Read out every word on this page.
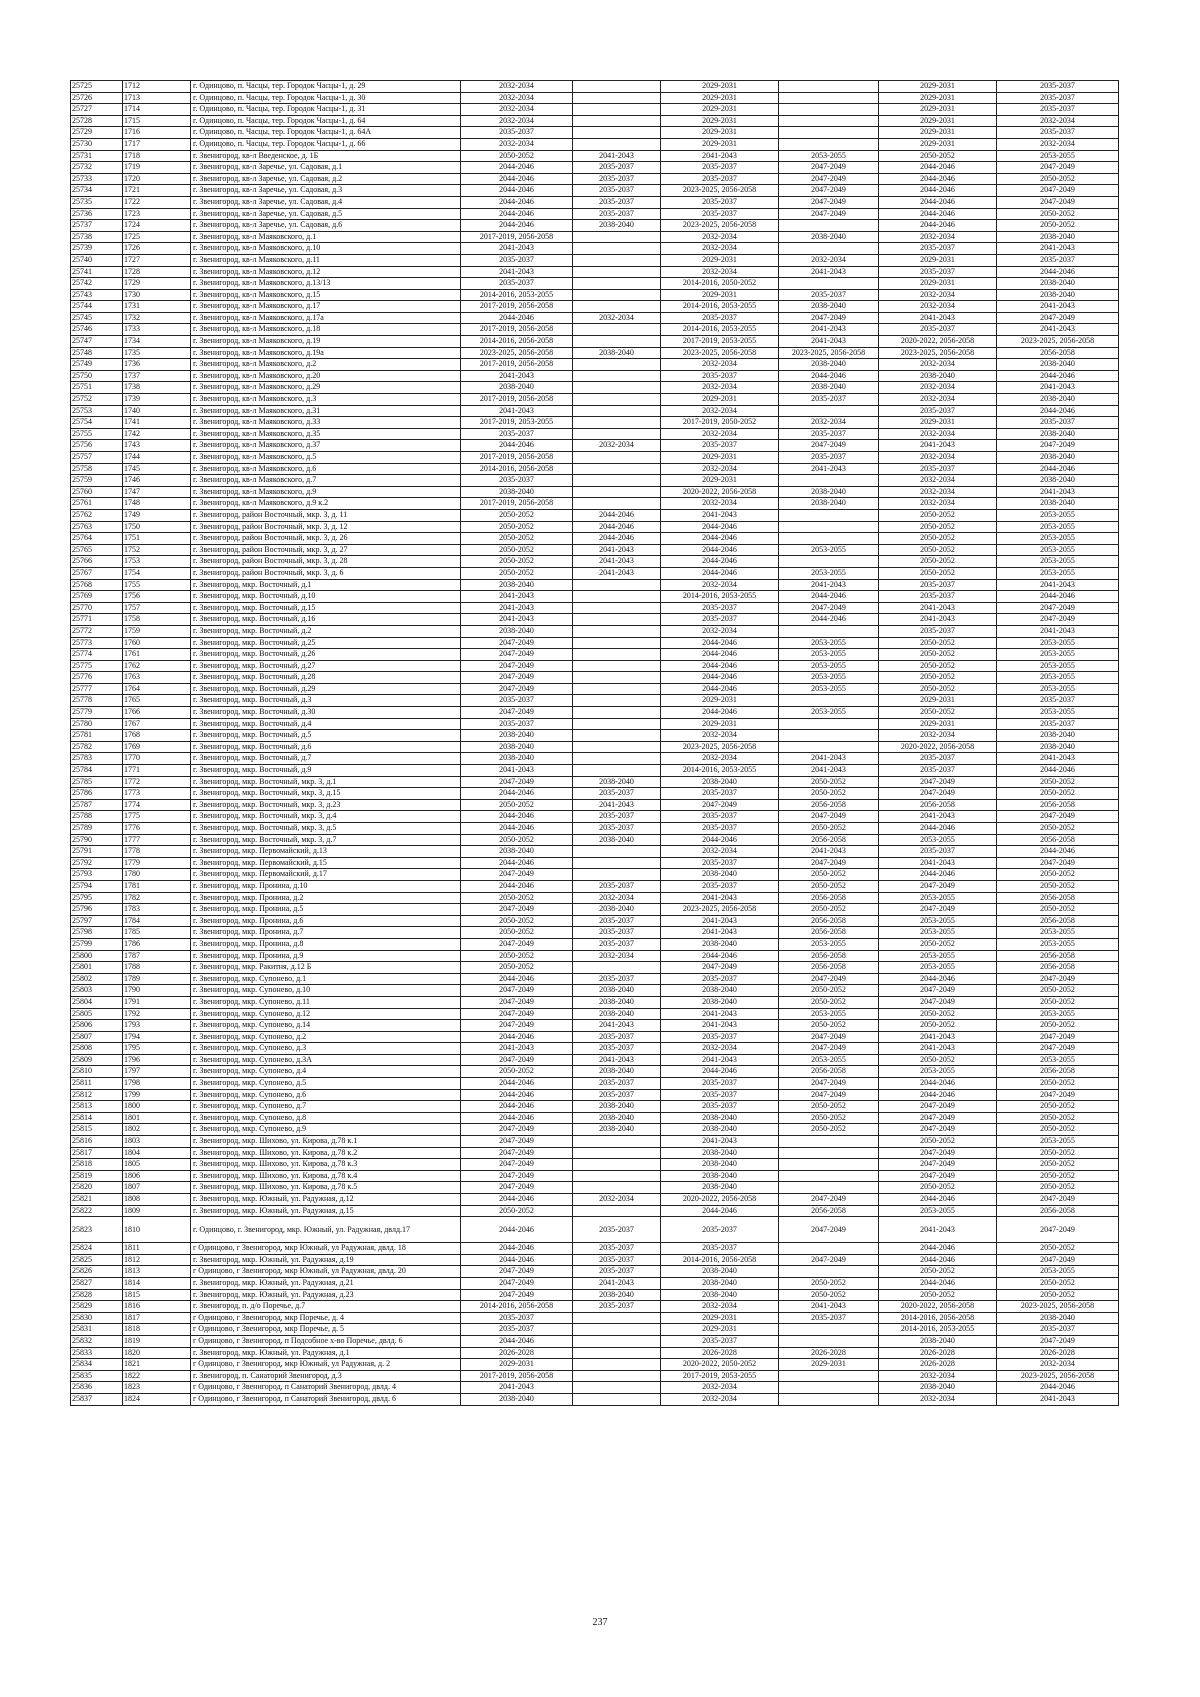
25725	1712	г. Одинцово, п. Часцы, тер. Городок Часцы-1, д. 29	2032-2034		2029-2031		2029-2031	2035-2037
25726	1713	г. Одинцово, п. Часцы, тер. Городок Часцы-1, д. 30	2032-2034		2029-2031		2029-2031	2035-2037
25727	1714	г. Одинцово, п. Часцы, тер. Городок Часцы-1, д. 31	2032-2034		2029-2031		2029-2031	2035-2037
25728	1715	г. Одинцово, п. Часцы, тер. Городок Часцы-1, д. 64	2032-2034		2029-2031		2029-2031	2032-2034
25729	1716	г. Одинцово, п. Часцы, тер. Городок Часцы-1, д. 64А	2035-2037		2029-2031		2029-2031	2035-2037
25730	1717	г. Одинцово, п. Часцы, тер. Городок Часцы-1, д. 66	2032-2034		2029-2031		2029-2031	2032-2034
25731	1718	г. Звенигород, кв-л Введенское, д. 1Б	2050-2052	2041-2043	2041-2043	2053-2055	2050-2052	2053-2055
25732	1719	г. Звенигород, кв-л Заречье, ул. Садовая, д.1	2044-2046	2035-2037	2035-2037	2047-2049	2044-2046	2047-2049
25733	1720	г. Звенигород, кв-л Заречье, ул. Садовая, д.2	2044-2046	2035-2037	2035-2037	2047-2049	2044-2046	2050-2052
25734	1721	г. Звенигород, кв-л Заречье, ул. Садовая, д.3	2044-2046	2035-2037	2023-2025, 2056-2058	2047-2049	2044-2046	2047-2049
25735	1722	г. Звенигород, кв-л Заречье, ул. Садовая, д.4	2044-2046	2035-2037	2035-2037	2047-2049	2044-2046	2047-2049
25736	1723	г. Звенигород, кв-л Заречье, ул. Садовая, д.5	2044-2046	2035-2037	2035-2037	2047-2049	2044-2046	2050-2052
25737	1724	г. Звенигород, кв-л Заречье, ул. Садовая, д.6	2044-2046	2038-2040	2023-2025, 2056-2058		2044-2046	2050-2052
25738	1725	г. Звенигород, кв-л Маяковского, д.1	2017-2019, 2056-2058		2032-2034	2038-2040	2032-2034	2038-2040
25739	1726	г. Звенигород, кв-л Маяковского, д.10	2041-2043		2032-2034		2035-2037	2041-2043
25740	1727	г. Звенигород, кв-л Маяковского, д.11	2035-2037		2029-2031	2032-2034	2029-2031	2035-2037
25741	1728	г. Звенигород, кв-л Маяковского, д.12	2041-2043		2032-2034	2041-2043	2035-2037	2044-2046
25742	1729	г. Звенигород, кв-л Маяковского, д.13/13	2035-2037		2014-2016, 2050-2052		2029-2031	2038-2040
25743	1730	г. Звенигород, кв-л Маяковского, д.15	2014-2016, 2053-2055		2029-2031	2035-2037	2032-2034	2038-2040
25744	1731	г. Звенигород, кв-л Маяковского, д.17	2017-2019, 2056-2058		2014-2016, 2053-2055	2038-2040	2032-2034	2041-2043
25745	1732	г. Звенигород, кв-л Маяковского, д.17а	2044-2046	2032-2034	2035-2037	2047-2049	2041-2043	2047-2049
25746	1733	г. Звенигород, кв-л Маяковского, д.18	2017-2019, 2056-2058		2014-2016, 2053-2055	2041-2043	2035-2037	2041-2043
25747	1734	г. Звенигород, кв-л Маяковского, д.19	2014-2016, 2056-2058		2017-2019, 2053-2055	2041-2043	2020-2022, 2056-2058	2023-2025, 2056-2058
25748	1735	г. Звенигород, кв-л Маяковского, д.19а	2023-2025, 2056-2058	2038-2040	2023-2025, 2056-2058	2023-2025, 2056-2058	2023-2025, 2056-2058	2056-2058
25749	1736	г. Звенигород, кв-л Маяковского, д.2	2017-2019, 2056-2058		2032-2034	2038-2040	2032-2034	2038-2040
25750	1737	г. Звенигород, кв-л Маяковского, д.20	2041-2043		2035-2037	2044-2046	2038-2040	2044-2046
25751	1738	г. Звенигород, кв-л Маяковского, д.29	2038-2040		2032-2034	2038-2040	2032-2034	2041-2043
25752	1739	г. Звенигород, кв-л Маяковского, д.3	2017-2019, 2056-2058		2029-2031	2035-2037	2032-2034	2038-2040
25753	1740	г. Звенигород, кв-л Маяковского, д.31	2041-2043		2032-2034		2035-2037	2044-2046
25754	1741	г. Звенигород, кв-л Маяковского, д.33	2017-2019, 2053-2055		2017-2019, 2050-2052	2032-2034	2029-2031	2035-2037
25755	1742	г. Звенигород, кв-л Маяковского, д.35	2035-2037		2032-2034	2035-2037	2032-2034	2038-2040
25756	1743	г. Звенигород, кв-л Маяковского, д.37	2044-2046	2032-2034	2035-2037	2047-2049	2041-2043	2047-2049
25757	1744	г. Звенигород, кв-л Маяковского, д.5	2017-2019, 2056-2058		2029-2031	2035-2037	2032-2034	2038-2040
25758	1745	г. Звенигород, кв-л Маяковского, д.6	2014-2016, 2056-2058		2032-2034	2041-2043	2035-2037	2044-2046
25759	1746	г. Звенигород, кв-л Маяковского, д.7	2035-2037		2029-2031		2032-2034	2038-2040
25760	1747	г. Звенигород, кв-л Маяковского, д.9	2038-2040		2020-2022, 2056-2058	2038-2040	2032-2034	2041-2043
25761	1748	г. Звенигород, кв-л Маяковского, д.9 к.2	2017-2019, 2056-2058		2032-2034	2038-2040	2032-2034	2038-2040
25762	1749	г. Звенигород, район Восточный, мкр. 3, д. 11	2050-2052	2044-2046	2041-2043		2050-2052	2053-2055
25763	1750	г. Звенигород, район Восточный, мкр. 3, д. 12	2050-2052	2044-2046	2044-2046		2050-2052	2053-2055
25764	1751	г. Звенигород, район Восточный, мкр. 3, д. 26	2050-2052	2044-2046	2044-2046		2050-2052	2053-2055
25765	1752	г. Звенигород, район Восточный, мкр. 3, д. 27	2050-2052	2041-2043	2044-2046	2053-2055	2050-2052	2053-2055
25766	1753	г. Звенигород, район Восточный, мкр. 3, д. 28	2050-2052	2041-2043	2044-2046		2050-2052	2053-2055
25767	1754	г. Звенигород, район Восточный, мкр. 3, д. 6	2050-2052	2041-2043	2044-2046	2053-2055	2050-2052	2053-2055
25768	1755	г. Звенигород, мкр. Восточный, д.1	2038-2040		2032-2034	2041-2043	2035-2037	2041-2043
25769	1756	г. Звенигород, мкр. Восточный, д.10	2041-2043		2014-2016, 2053-2055	2044-2046	2035-2037	2044-2046
25770	1757	г. Звенигород, мкр. Восточный, д.15	2041-2043		2035-2037	2047-2049	2041-2043	2047-2049
25771	1758	г. Звенигород, мкр. Восточный, д.16	2041-2043		2035-2037	2044-2046	2041-2043	2047-2049
25772	1759	г. Звенигород, мкр. Восточный, д.2	2038-2040		2032-2034		2035-2037	2041-2043
25773	1760	г. Звенигород, мкр. Восточный, д.25	2047-2049		2044-2046	2053-2055	2050-2052	2053-2055
25774	1761	г. Звенигород, мкр. Восточный, д.26	2047-2049		2044-2046	2053-2055	2050-2052	2053-2055
25775	1762	г. Звенигород, мкр. Восточный, д.27	2047-2049		2044-2046	2053-2055	2050-2052	2053-2055
25776	1763	г. Звенигород, мкр. Восточный, д.28	2047-2049		2044-2046	2053-2055	2050-2052	2053-2055
25777	1764	г. Звенигород, мкр. Восточный, д.29	2047-2049		2044-2046	2053-2055	2050-2052	2053-2055
25778	1765	г. Звенигород, мкр. Восточный, д.3	2035-2037		2029-2031		2029-2031	2035-2037
25779	1766	г. Звенигород, мкр. Восточный, д.30	2047-2049		2044-2046	2053-2055	2050-2052	2053-2055
25780	1767	г. Звенигород, мкр. Восточный, д.4	2035-2037		2029-2031		2029-2031	2035-2037
25781	1768	г. Звенигород, мкр. Восточный, д.5	2038-2040		2032-2034		2032-2034	2038-2040
25782	1769	г. Звенигород, мкр. Восточный, д.6	2038-2040		2023-2025, 2056-2058		2020-2022, 2056-2058	2038-2040
25783	1770	г. Звенигород, мкр. Восточный, д.7	2038-2040		2032-2034	2041-2043	2035-2037	2041-2043
25784	1771	г. Звенигород, мкр. Восточный, д.9	2041-2043		2014-2016, 2053-2055	2041-2043	2035-2037	2044-2046
25785	1772	г. Звенигород, мкр. Восточный, мкр. 3, д.1	2047-2049	2038-2040	2038-2040	2050-2052	2047-2049	2050-2052
25786	1773	г. Звенигород, мкр. Восточный, мкр. 3, д.15	2044-2046	2035-2037	2035-2037	2050-2052	2047-2049	2050-2052
25787	1774	г. Звенигород, мкр. Восточный, мкр. 3, д.23	2050-2052	2041-2043	2047-2049	2056-2058	2056-2058	2056-2058
25788	1775	г. Звенигород, мкр. Восточный, мкр. 3, д.4	2044-2046	2035-2037	2035-2037	2047-2049	2041-2043	2047-2049
25789	1776	г. Звенигород, мкр. Восточный, мкр. 3, д.5	2044-2046	2035-2037	2035-2037	2050-2052	2044-2046	2050-2052
25790	1777	г. Звенигород, мкр. Восточный, мкр. 3, д.7	2050-2052	2038-2040	2044-2046	2056-2058	2053-2055	2056-2058
25791	1778	г. Звенигород, мкр. Первомайский, д.13	2038-2040		2032-2034	2041-2043	2035-2037	2044-2046
25792	1779	г. Звенигород, мкр. Первомайский, д.15	2044-2046		2035-2037	2047-2049	2041-2043	2047-2049
25793	1780	г. Звенигород, мкр. Первомайский, д.17	2047-2049		2038-2040	2050-2052	2044-2046	2050-2052
25794	1781	г. Звенигород, мкр. Пронина, д.10	2044-2046	2035-2037	2035-2037	2050-2052	2047-2049	2050-2052
25795	1782	г. Звенигород, мкр. Пронина, д.2	2050-2052	2032-2034	2041-2043	2056-2058	2053-2055	2056-2058
25796	1783	г. Звенигород, мкр. Пронина, д.5	2047-2049	2038-2040	2023-2025, 2056-2058	2050-2052	2047-2049	2050-2052
25797	1784	г. Звенигород, мкр. Пронина, д.6	2050-2052	2035-2037	2041-2043	2056-2058	2053-2055	2056-2058
25798	1785	г. Звенигород, мкр. Пронина, д.7	2050-2052	2035-2037	2041-2043	2056-2058	2053-2055	2053-2055
25799	1786	г. Звенигород, мкр. Пронина, д.8	2047-2049	2035-2037	2038-2040	2053-2055	2050-2052	2053-2055
25800	1787	г. Звенигород, мкр. Пронина, д.9	2050-2052	2032-2034	2044-2046	2056-2058	2053-2055	2056-2058
25801	1788	г. Звенигород, мкр. Ракитня, д.12 Б	2050-2052		2047-2049	2056-2058	2053-2055	2056-2058
25802	1789	г. Звенигород, мкр. Супонево, д.1	2044-2046	2035-2037	2035-2037	2047-2049	2044-2046	2047-2049
25803	1790	г. Звенигород, мкр. Супонево, д.10	2047-2049	2038-2040	2038-2040	2050-2052	2047-2049	2050-2052
25804	1791	г. Звенигород, мкр. Супонево, д.11	2047-2049	2038-2040	2038-2040	2050-2052	2047-2049	2050-2052
25805	1792	г. Звенигород, мкр. Супонево, д.12	2047-2049	2038-2040	2041-2043	2053-2055	2050-2052	2053-2055
25806	1793	г. Звенигород, мкр. Супонево, д.14	2047-2049	2041-2043	2041-2043	2050-2052	2050-2052	2050-2052
25807	1794	г. Звенигород, мкр. Супонево, д.2	2044-2046	2035-2037	2035-2037	2047-2049	2041-2043	2047-2049
25808	1795	г. Звенигород, мкр. Супонево, д.3	2041-2043	2035-2037	2032-2034	2047-2049	2041-2043	2047-2049
25809	1796	г. Звенигород, мкр. Супонево, д.3А	2047-2049	2041-2043	2041-2043	2053-2055	2050-2052	2053-2055
25810	1797	г. Звенигород, мкр. Супонево, д.4	2050-2052	2038-2040	2044-2046	2056-2058	2053-2055	2056-2058
25811	1798	г. Звенигород, мкр. Супонево, д.5	2044-2046	2035-2037	2035-2037	2047-2049	2044-2046	2050-2052
25812	1799	г. Звенигород, мкр. Супонево, д.6	2044-2046	2035-2037	2035-2037	2047-2049	2044-2046	2047-2049
25813	1800	г. Звенигород, мкр. Супонево, д.7	2044-2046	2038-2040	2035-2037	2050-2052	2047-2049	2050-2052
25814	1801	г. Звенигород, мкр. Супонево, д.8	2044-2046	2038-2040	2038-2040	2050-2052	2047-2049	2050-2052
25815	1802	г. Звенигород, мкр. Супонево, д.9	2047-2049	2038-2040	2038-2040	2050-2052	2047-2049	2050-2052
25816	1803	г. Звенигород, мкр. Шихово, ул. Кирова, д.78 к.1	2047-2049		2041-2043		2050-2052	2053-2055
25817	1804	г. Звенигород, мкр. Шихово, ул. Кирова, д.78 к.2	2047-2049		2038-2040		2047-2049	2050-2052
25818	1805	г. Звенигород, мкр. Шихово, ул. Кирова, д.78 к.3	2047-2049		2038-2040		2047-2049	2050-2052
25819	1806	г. Звенигород, мкр. Шихово, ул. Кирова, д.78 к.4	2047-2049		2038-2040		2047-2049	2050-2052
25820	1807	г. Звенигород, мкр. Шихово, ул. Кирова, д.78 к.5	2047-2049		2038-2040		2050-2052	2050-2052
25821	1808	г. Звенигород, мкр. Южный, ул. Радужная, д.12	2044-2046	2032-2034	2020-2022, 2056-2058	2047-2049	2044-2046	2047-2049
25822	1809	г. Звенигород, мкр. Южный, ул. Радужная, д.15	2050-2052		2044-2046	2056-2058	2053-2055	2056-2058
25823	1810	г. Одинцово, г. Звенигород, мкр. Южный, ул. Радужная, двлд.17	2044-2046	2035-2037	2035-2037	2047-2049	2041-2043	2047-2049
25824	1811	г Одинцово, г Звенигород, мкр Южный, ул Радужная, двлд. 18	2044-2046	2035-2037	2035-2037		2044-2046	2050-2052
25825	1812	г. Звенигород, мкр. Южный, ул. Радужная, д.19	2044-2046	2035-2037	2014-2016, 2056-2058	2047-2049	2044-2046	2047-2049
25826	1813	г Одинцово, г Звенигород, мкр Южный, ул Радужная, двлд. 20	2047-2049	2035-2037	2038-2040		2050-2052	2053-2055
25827	1814	г. Звенигород, мкр. Южный, ул. Радужная, д.21	2047-2049	2041-2043	2038-2040	2050-2052	2044-2046	2050-2052
25828	1815	г. Звенигород, мкр. Южный, ул. Радужная, д.23	2047-2049	2038-2040	2038-2040	2050-2052	2050-2052	2050-2052
25829	1816	г. Звенигород, п. д/о Поречье, д.7	2014-2016, 2056-2058	2035-2037	2032-2034	2041-2043	2020-2022, 2056-2058	2023-2025, 2056-2058
25830	1817	г Одинцово, г Звенигород, мкр Поречье, д. 4	2035-2037		2029-2031	2035-2037	2014-2016, 2056-2058	2038-2040
25831	1818	г Одинцово, г Звенигород, мкр Поречье, д. 5	2035-2037		2029-2031		2014-2016, 2053-2055	2035-2037
25832	1819	г Одинцово, г Звенигород, п Подсобное х-во Поречье, двлд. 6	2044-2046		2035-2037		2038-2040	2047-2049
25833	1820	г. Звенигород, мкр. Южный, ул. Радужная, д.1	2026-2028		2026-2028	2026-2028	2026-2028	2026-2028
25834	1821	г Одинцово, г Звенигород, мкр Южный, ул Радужная, д. 2	2029-2031		2020-2022, 2050-2052	2029-2031	2026-2028	2032-2034
25835	1822	г. Звенигород, п. Санаторий Звенигород, д.3	2017-2019, 2056-2058		2017-2019, 2053-2055		2032-2034	2023-2025, 2056-2058
25836	1823	г Одинцово, г Звенигород, п Санаторий Звенигород, двлд. 4	2041-2043		2032-2034		2038-2040	2044-2046
25837	1824	г Одинцово, г Звенигород, п Санаторий Звенигород, двлд. 6	2038-2040		2032-2034		2032-2034	2041-2043
237
